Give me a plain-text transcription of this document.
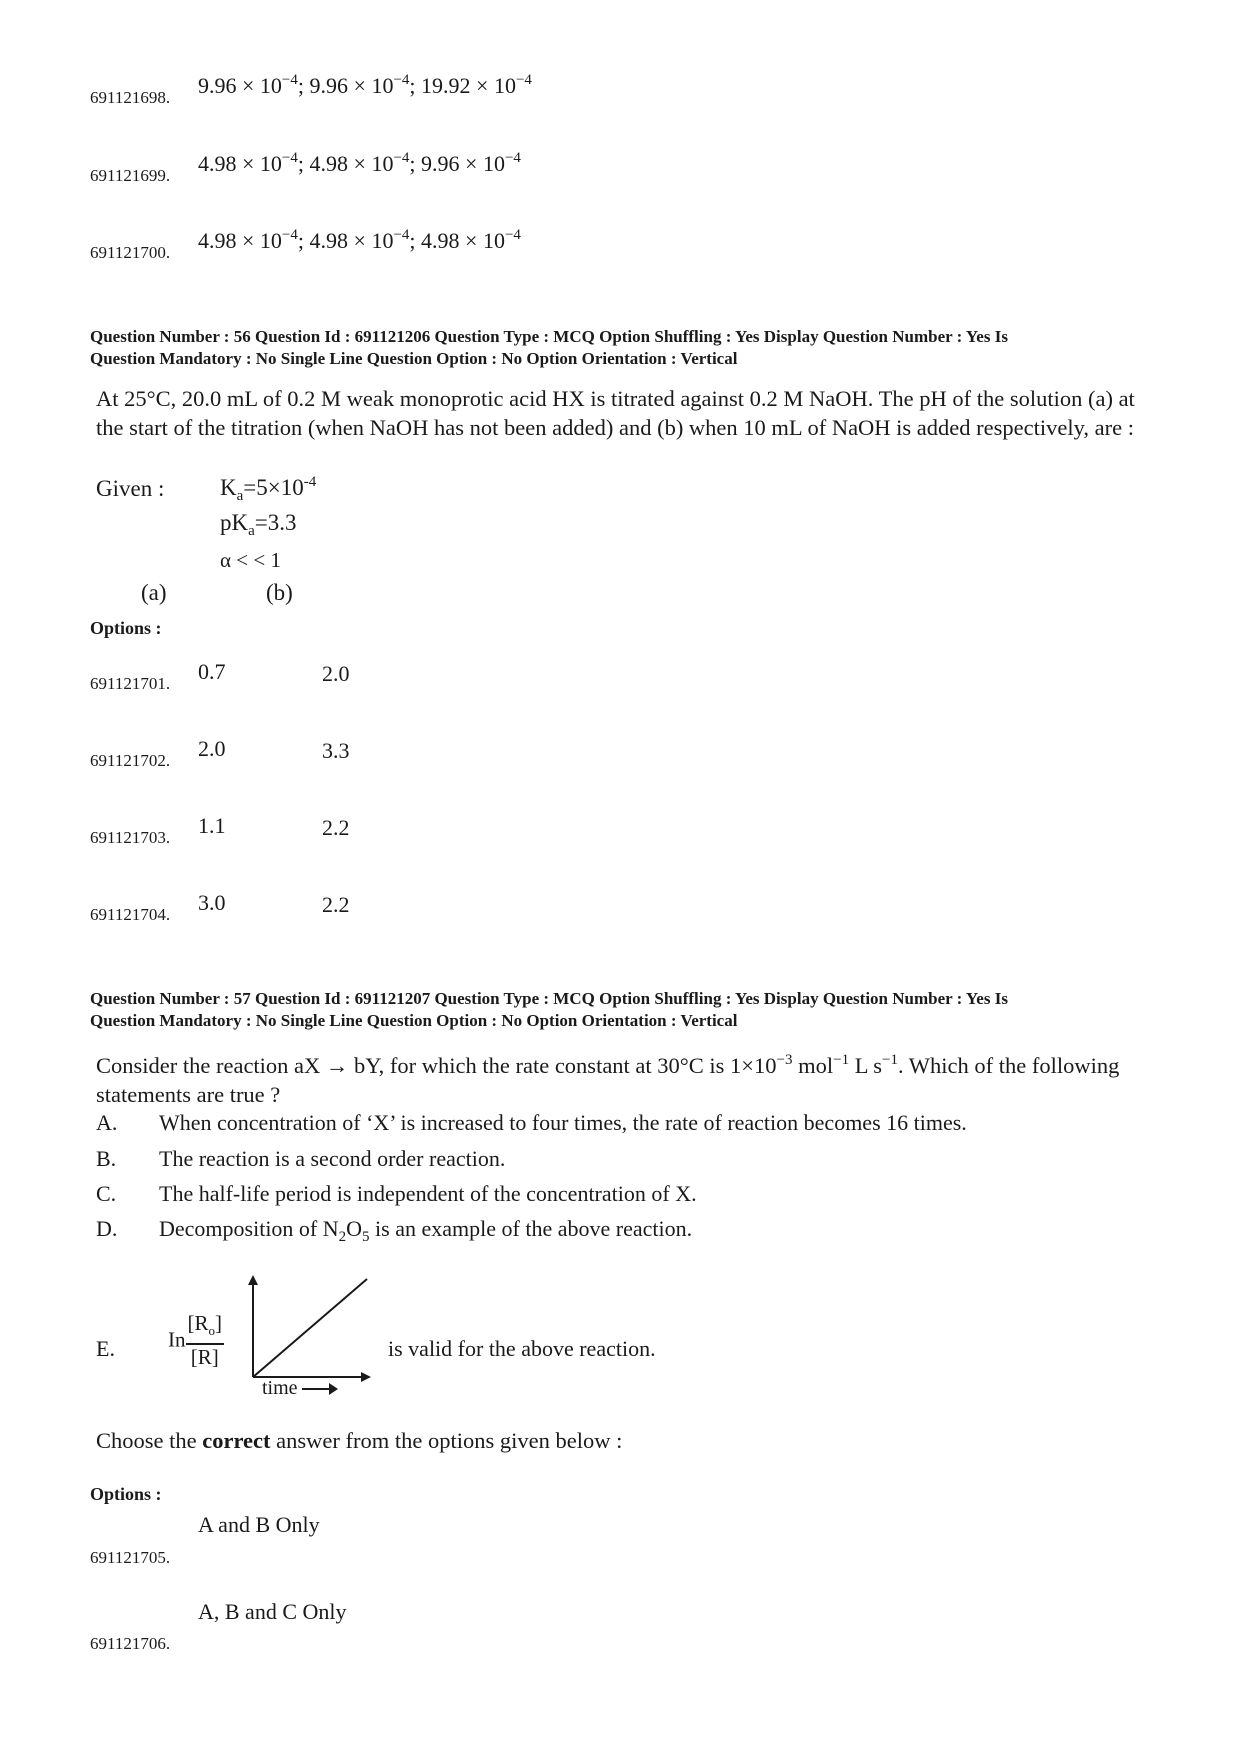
691121698. $9.96 \times 10^{-4}$; $9.96 \times 10^{-4}$; $19.92 \times 10^{-4}$
691121699. $4.98 \times 10^{-4}$; $4.98 \times 10^{-4}$; $9.96 \times 10^{-4}$
691121700. $4.98 \times 10^{-4}$; $4.98 \times 10^{-4}$; $4.98 \times 10^{-4}$
Question Number : 56 Question Id : 691121206 Question Type : MCQ Option Shuffling : Yes Display Question Number : Yes Is
Question Mandatory : No Single Line Question Option : No Option Orientation : Vertical
At 25°C, 20.0 mL of 0.2 M weak monoprotic acid HX is titrated against 0.2 M NaOH. The pH of the solution (a) at the start of the titration (when NaOH has not been added) and (b) when 10 mL of NaOH is added respectively, are :
Given : $K_a=5\times 10^{-4}$
$pK_a=3.3$
α < < 1
(a)	(b)
Options :
691121701. 0.7	2.0
691121702. 2.0	3.3
691121703. 1.1	2.2
691121704. 3.0	2.2
Question Number : 57 Question Id : 691121207 Question Type : MCQ Option Shuffling : Yes Display Question Number : Yes Is
Question Mandatory : No Single Line Question Option : No Option Orientation : Vertical
Consider the reaction aX → bY, for which the rate constant at 30°C is $1\times 10^{-3}$ mol$^{-1}$ L $s^{-1}$. Which of the following statements are true ?
A. When concentration of ‘X’ is increased to four times, the rate of reaction becomes 16 times.
B. The reaction is a second order reaction.
C. The half-life period is independent of the concentration of X.
D. Decomposition of $N_2O_5$ is an example of the above reaction.
E.	In $\frac{[R_o]}{[R]}$
time
is valid for the above reaction.
Choose the correct answer from the options given below :
Options :
A and B Only
691121705.
A, B and C Only
691121706.
